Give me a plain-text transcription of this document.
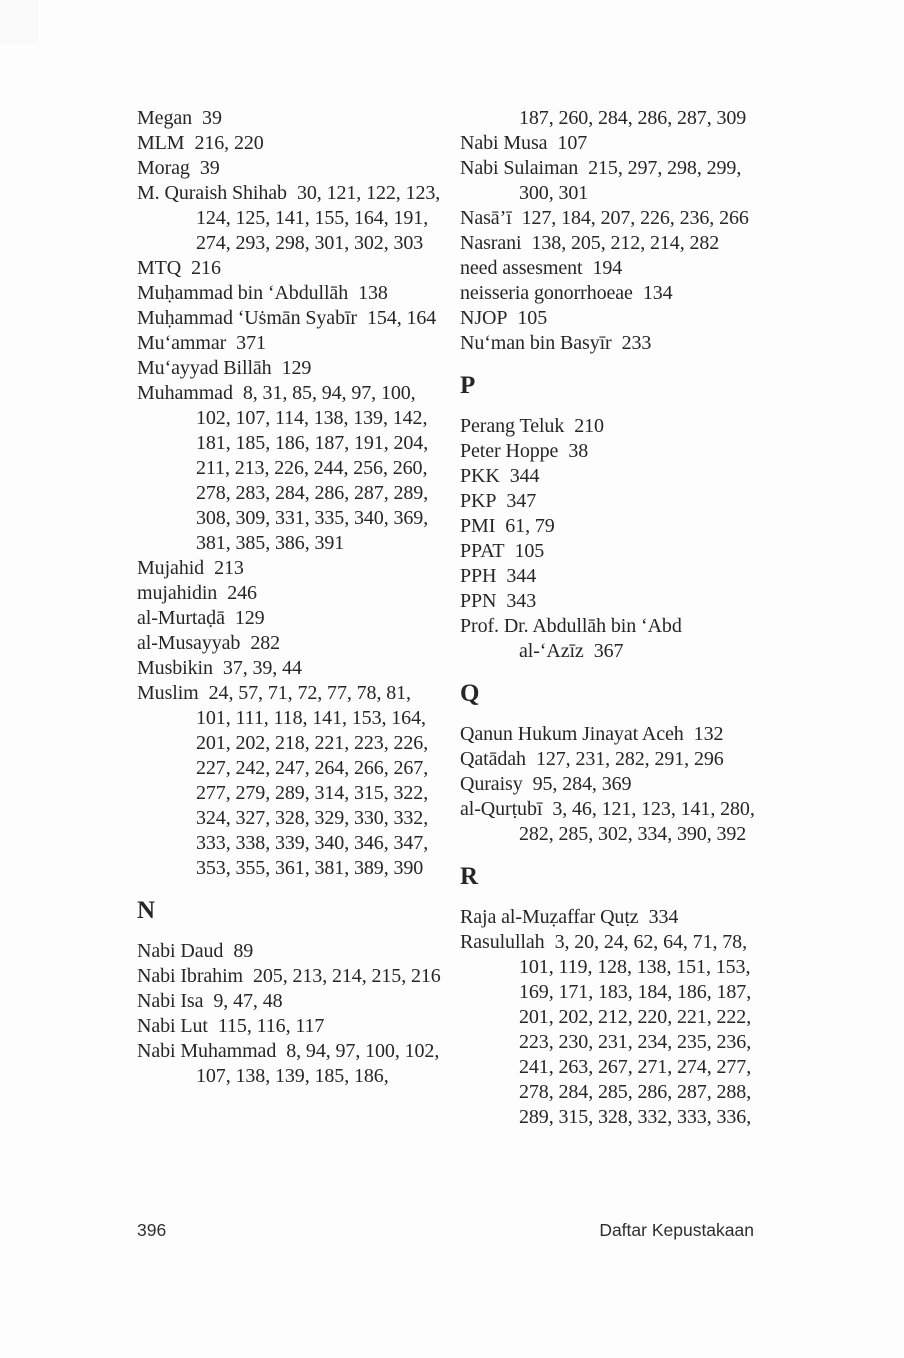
Megan 39
MLM 216, 220
Morag 39
M. Quraish Shihab 30, 121, 122, 123, 124, 125, 141, 155, 164, 191, 274, 293, 298, 301, 302, 303
MTQ 216
Muḥammad bin ‘Abdullāh 138
Muḥammad ‘Uṡmān Syabīr 154, 164
Mu‘ammar 371
Mu‘ayyad Billāh 129
Muhammad 8, 31, 85, 94, 97, 100, 102, 107, 114, 138, 139, 142, 181, 185, 186, 187, 191, 204, 211, 213, 226, 244, 256, 260, 278, 283, 284, 286, 287, 289, 308, 309, 331, 335, 340, 369, 381, 385, 386, 391
Mujahid 213
mujahidin 246
al-Murtaḍā 129
al-Musayyab 282
Musbikin 37, 39, 44
Muslim 24, 57, 71, 72, 77, 78, 81, 101, 111, 118, 141, 153, 164, 201, 202, 218, 221, 223, 226, 227, 242, 247, 264, 266, 267, 277, 279, 289, 314, 315, 322, 324, 327, 328, 329, 330, 332, 333, 338, 339, 340, 346, 347, 353, 355, 361, 381, 389, 390
N
Nabi Daud 89
Nabi Ibrahim 205, 213, 214, 215, 216
Nabi Isa 9, 47, 48
Nabi Lut 115, 116, 117
Nabi Muhammad 8, 94, 97, 100, 102, 107, 138, 139, 185, 186,
187, 260, 284, 286, 287, 309
Nabi Musa 107
Nabi Sulaiman 215, 297, 298, 299, 300, 301
Nasā’ī 127, 184, 207, 226, 236, 266
Nasrani 138, 205, 212, 214, 282
need assesment 194
neisseria gonorrhoeae 134
NJOP 105
Nu‘man bin Basyīr 233
P
Perang Teluk 210
Peter Hoppe 38
PKK 344
PKP 347
PMI 61, 79
PPAT 105
PPH 344
PPN 343
Prof. Dr. Abdullāh bin ‘Abd al-‘Azīz 367
Q
Qanun Hukum Jinayat Aceh 132
Qatādah 127, 231, 282, 291, 296
Quraisy 95, 284, 369
al-Qurṭubī 3, 46, 121, 123, 141, 280, 282, 285, 302, 334, 390, 392
R
Raja al-Muẓaffar Quṭz 334
Rasulullah 3, 20, 24, 62, 64, 71, 78, 101, 119, 128, 138, 151, 153, 169, 171, 183, 184, 186, 187, 201, 202, 212, 220, 221, 222, 223, 230, 231, 234, 235, 236, 241, 263, 267, 271, 274, 277, 278, 284, 285, 286, 287, 288, 289, 315, 328, 332, 333, 336,
396	Daftar Kepustakaan
